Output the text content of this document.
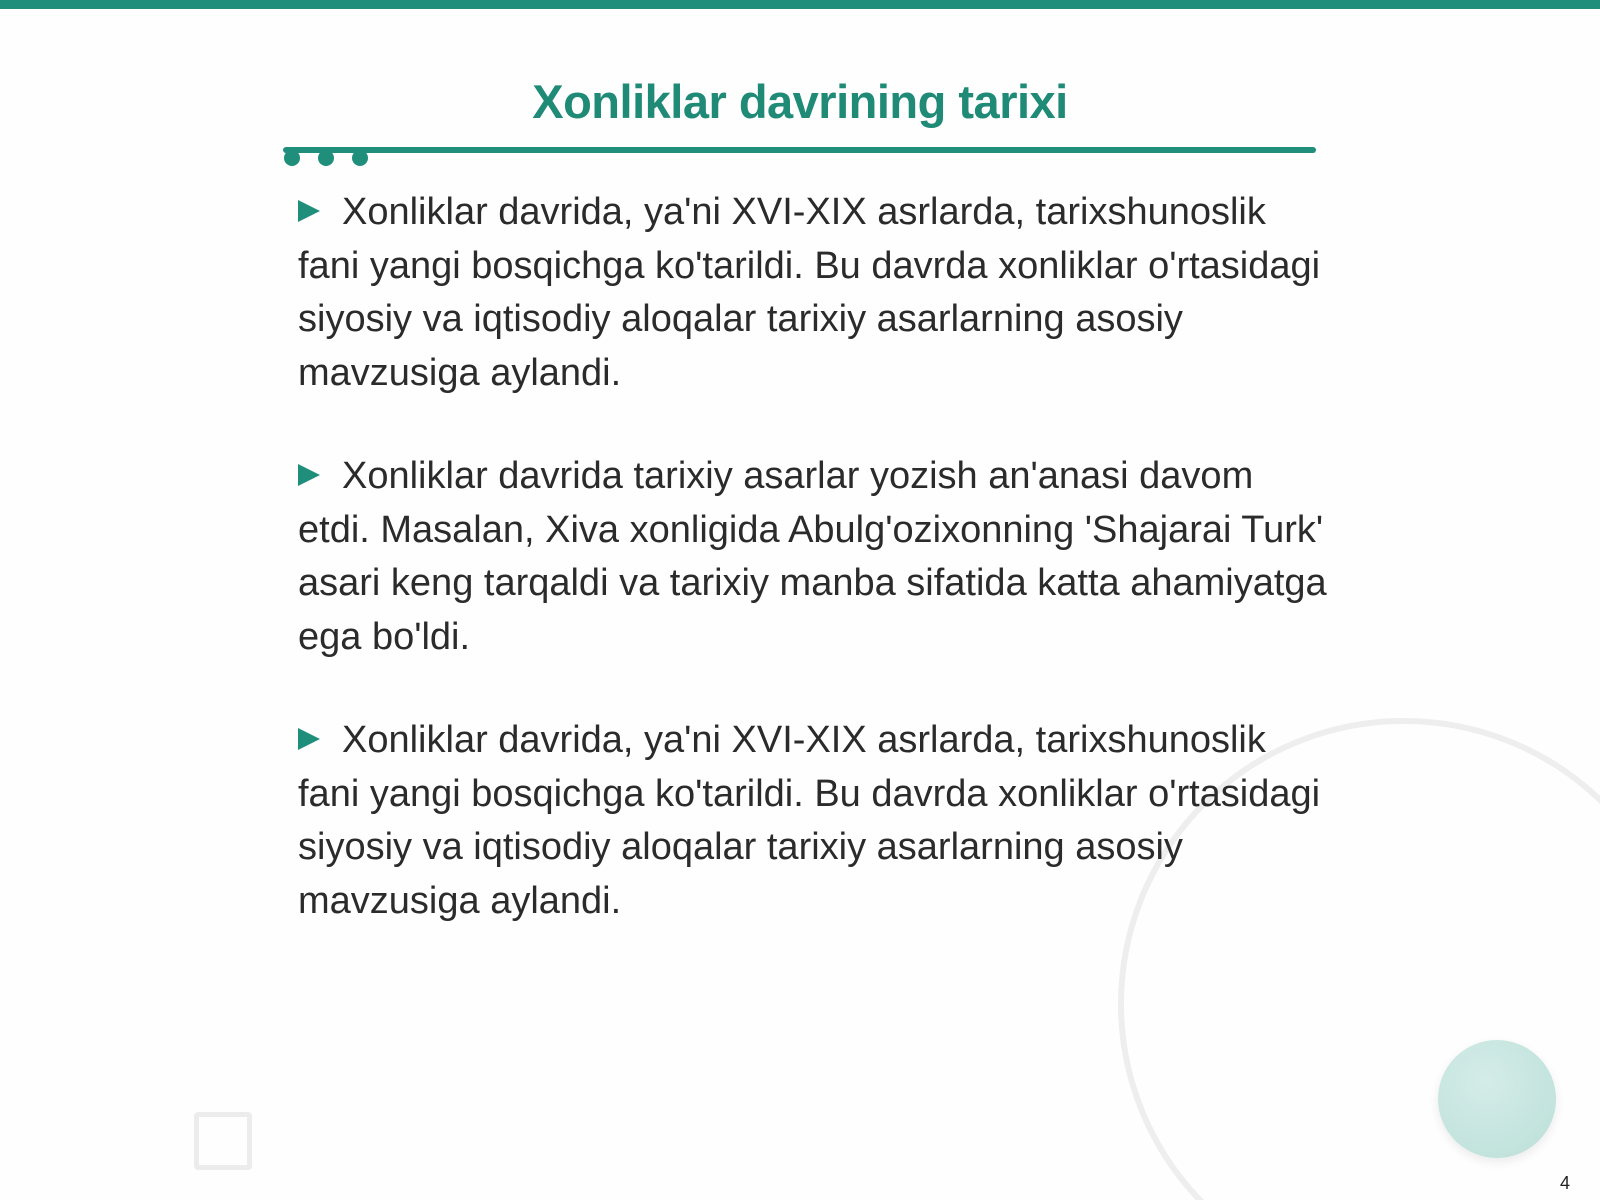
Xonliklar davrining tarixi
Xonliklar davrida, ya'ni XVI-XIX asrlarda, tarixshunoslik fani yangi bosqichga ko'tarildi. Bu davrda xonliklar o'rtasidagi siyosiy va iqtisodiy aloqalar tarixiy asarlarning asosiy mavzusiga aylandi.
Xonliklar davrida tarixiy asarlar yozish an'anasi davom etdi. Masalan, Xiva xonligida Abulg'ozixonning 'Shajarai Turk' asari keng tarqaldi va tarixiy manba sifatida katta ahamiyatga ega bo'ldi.
Xonliklar davrida, ya'ni XVI-XIX asrlarda, tarixshunoslik fani yangi bosqichga ko'tarildi. Bu davrda xonliklar o'rtasidagi siyosiy va iqtisodiy aloqalar tarixiy asarlarning asosiy mavzusiga aylandi.
4
